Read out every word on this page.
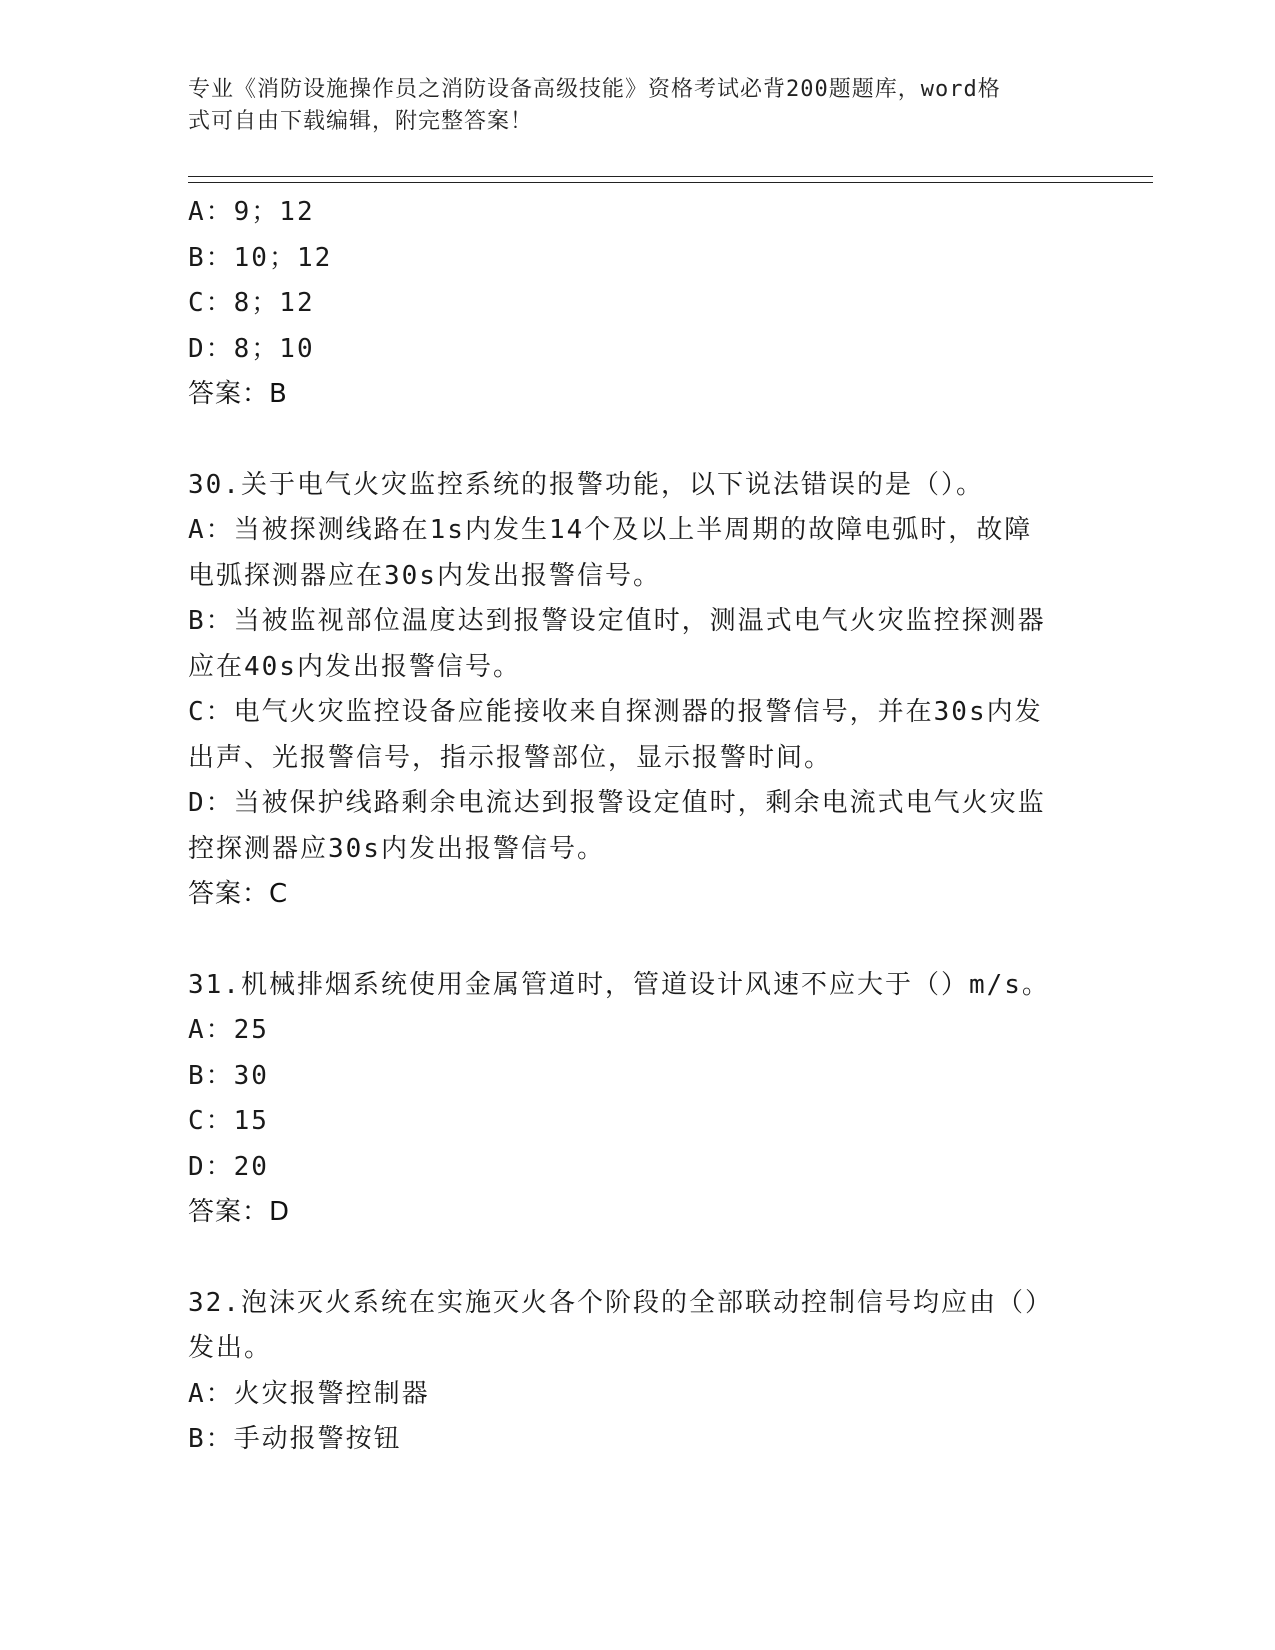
专业《消防设施操作员之消防设备高级技能》资格考试必背200题题库，word格
式可自由下载编辑，附完整答案！
A：9；12
B：10；12
C：8；12
D：8；10
答案：B
30.关于电气火灾监控系统的报警功能，以下说法错误的是（）。
A：当被探测线路在1s内发生14个及以上半周期的故障电弧时，故障
电弧探测器应在30s内发出报警信号。
B：当被监视部位温度达到报警设定值时，测温式电气火灾监控探测器
应在40s内发出报警信号。
C：电气火灾监控设备应能接收来自探测器的报警信号，并在30s内发
出声、光报警信号，指示报警部位，显示报警时间。
D：当被保护线路剩余电流达到报警设定值时，剩余电流式电气火灾监
控探测器应30s内发出报警信号。
答案：C
31.机械排烟系统使用金属管道时，管道设计风速不应大于（）m/s。
A：25
B：30
C：15
D：20
答案：D
32.泡沫灭火系统在实施灭火各个阶段的全部联动控制信号均应由（）
发出。
A：火灾报警控制器
B：手动报警按钮
